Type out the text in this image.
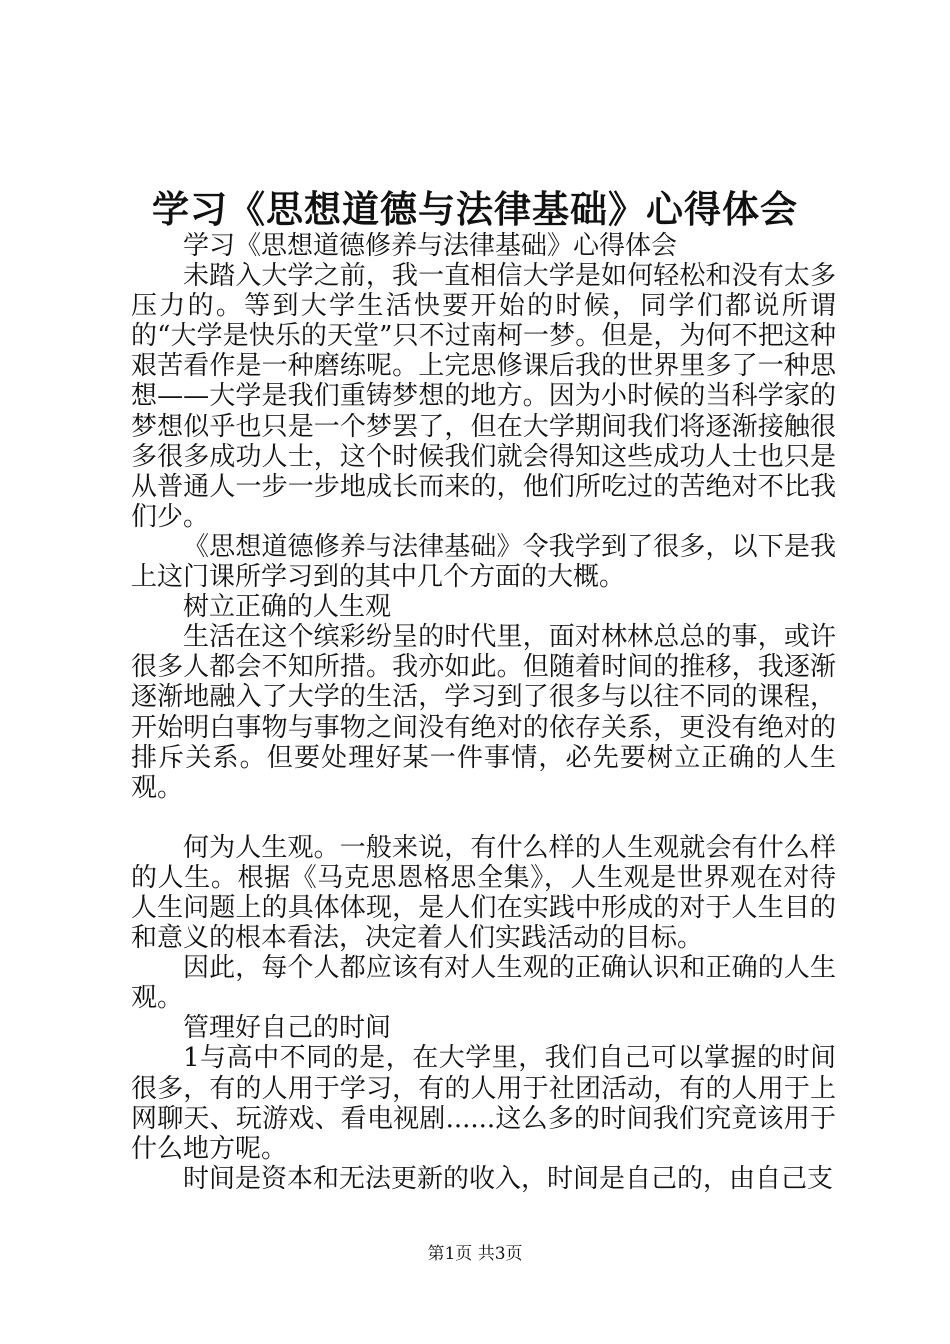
学习《思想道德与法律基础》心得体会

学习《思想道德修养与法律基础》心得体会

未踏入大学之前，我一直相信大学是如何轻松和没有太多压力的。等到大学生活快要开始的时候，同学们都说所谓的“大学是快乐的天堂”只不过南柯一梦。但是，为何不把这种艰苦看作是一种磨练呢。上完思修课后我的世界里多了一种思想——大学是我们重铸梦想的地方。因为小时候的当科学家的梦想似乎也只是一个梦罢了，但在大学期间我们将逐渐接触很多很多成功人士，这个时候我们就会得知这些成功人士也只是从普通人一步一步地成长而来的，他们所吃过的苦绝对不比我们少。

《思想道德修养与法律基础》令我学到了很多，以下是我上这门课所学习到的其中几个方面的大概。

树立正确的人生观

生活在这个缤彩纷呈的时代里，面对林林总总的事，或许很多人都会不知所措。我亦如此。但随着时间的推移，我逐渐逐渐地融入了大学的生活，学习到了很多与以往不同的课程，开始明白事物与事物之间没有绝对的依存关系，更没有绝对的排斥关系。但要处理好某一件事情，必先要树立正确的人生观。

何为人生观。一般来说，有什么样的人生观就会有什么样的人生。根据《马克思恩格思全集》，人生观是世界观在对待人生问题上的具体体现，是人们在实践中形成的对于人生目的和意义的根本看法，决定着人们实践活动的目标。

因此，每个人都应该有对人生观的正确认识和正确的人生观。

管理好自己的时间

1与高中不同的是，在大学里，我们自己可以掌握的时间很多，有的人用于学习，有的人用于社团活动，有的人用于上网聊天、玩游戏、看电视剧......这么多的时间我们究竟该用于什么地方呢。

时间是资本和无法更新的收入，时间是自己的，由自己支

第1页 共3页
